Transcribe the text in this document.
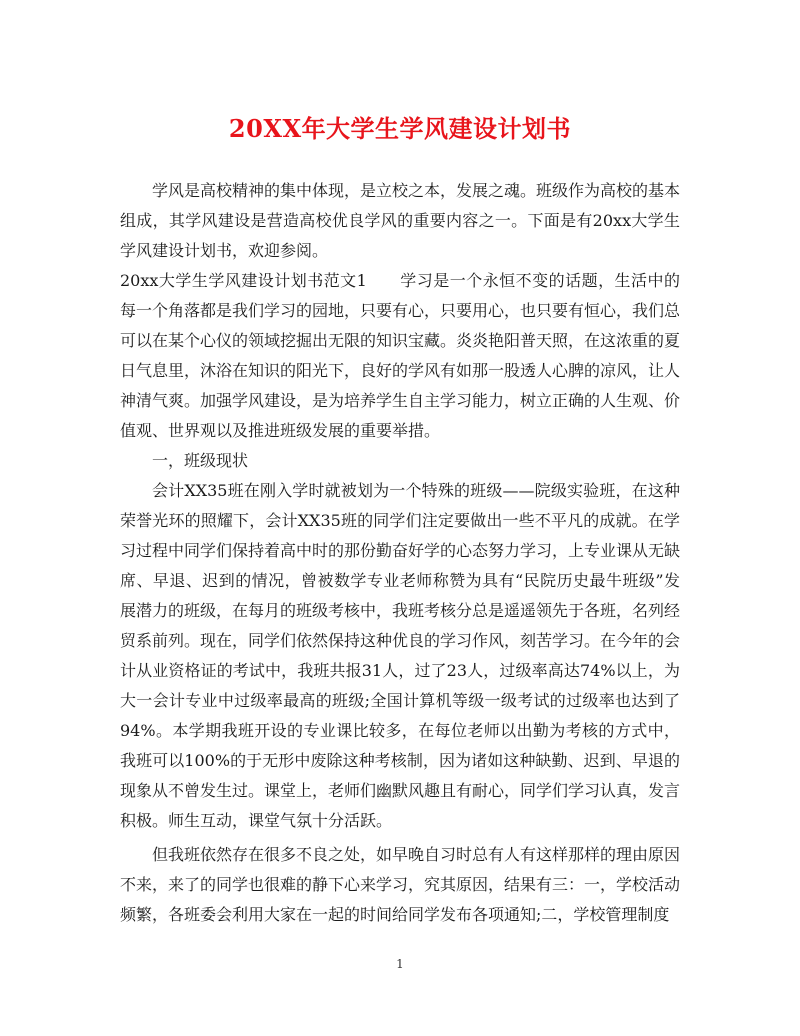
20XX年大学生学风建设计划书

学风是高校精神的集中体现，是立校之本，发展之魂。班级作为高校的基本组成，其学风建设是营造高校优良学风的重要内容之一。下面是有20xx大学生学风建设计划书，欢迎参阅。

20xx大学生学风建设计划书范文1　　学习是一个永恒不变的话题，生活中的每一个角落都是我们学习的园地，只要有心，只要用心，也只要有恒心，我们总可以在某个心仪的领域挖掘出无限的知识宝藏。炎炎艳阳普天照，在这浓重的夏日气息里，沐浴在知识的阳光下，良好的学风有如那一股透人心脾的凉风，让人神清气爽。加强学风建设，是为培养学生自主学习能力，树立正确的人生观、价值观、世界观以及推进班级发展的重要举措。

一，班级现状

会计XX35班在刚入学时就被划为一个特殊的班级——院级实验班，在这种荣誉光环的照耀下，会计XX35班的同学们注定要做出一些不平凡的成就。在学习过程中同学们保持着高中时的那份勤奋好学的心态努力学习，上专业课从无缺席、早退、迟到的情况，曾被数学专业老师称赞为具有“民院历史最牛班级”发展潜力的班级，在每月的班级考核中，我班考核分总是遥遥领先于各班，名列经贸系前列。现在，同学们依然保持这种优良的学习作风，刻苦学习。在今年的会计从业资格证的考试中，我班共报31人，过了23人，过级率高达74%以上，为大一会计专业中过级率最高的班级;全国计算机等级一级考试的过级率也达到了94%。本学期我班开设的专业课比较多，在每位老师以出勤为考核的方式中，我班可以100%的于无形中废除这种考核制，因为诸如这种缺勤、迟到、早退的现象从不曾发生过。课堂上，老师们幽默风趣且有耐心，同学们学习认真，发言积极。师生互动，课堂气氛十分活跃。

但我班依然存在很多不良之处，如早晚自习时总有人有这样那样的理由原因不来，来了的同学也很难的静下心来学习，究其原因，结果有三：一，学校活动频繁，各班委会利用大家在一起的时间给同学发布各项通知;二，学校管理制度

1
